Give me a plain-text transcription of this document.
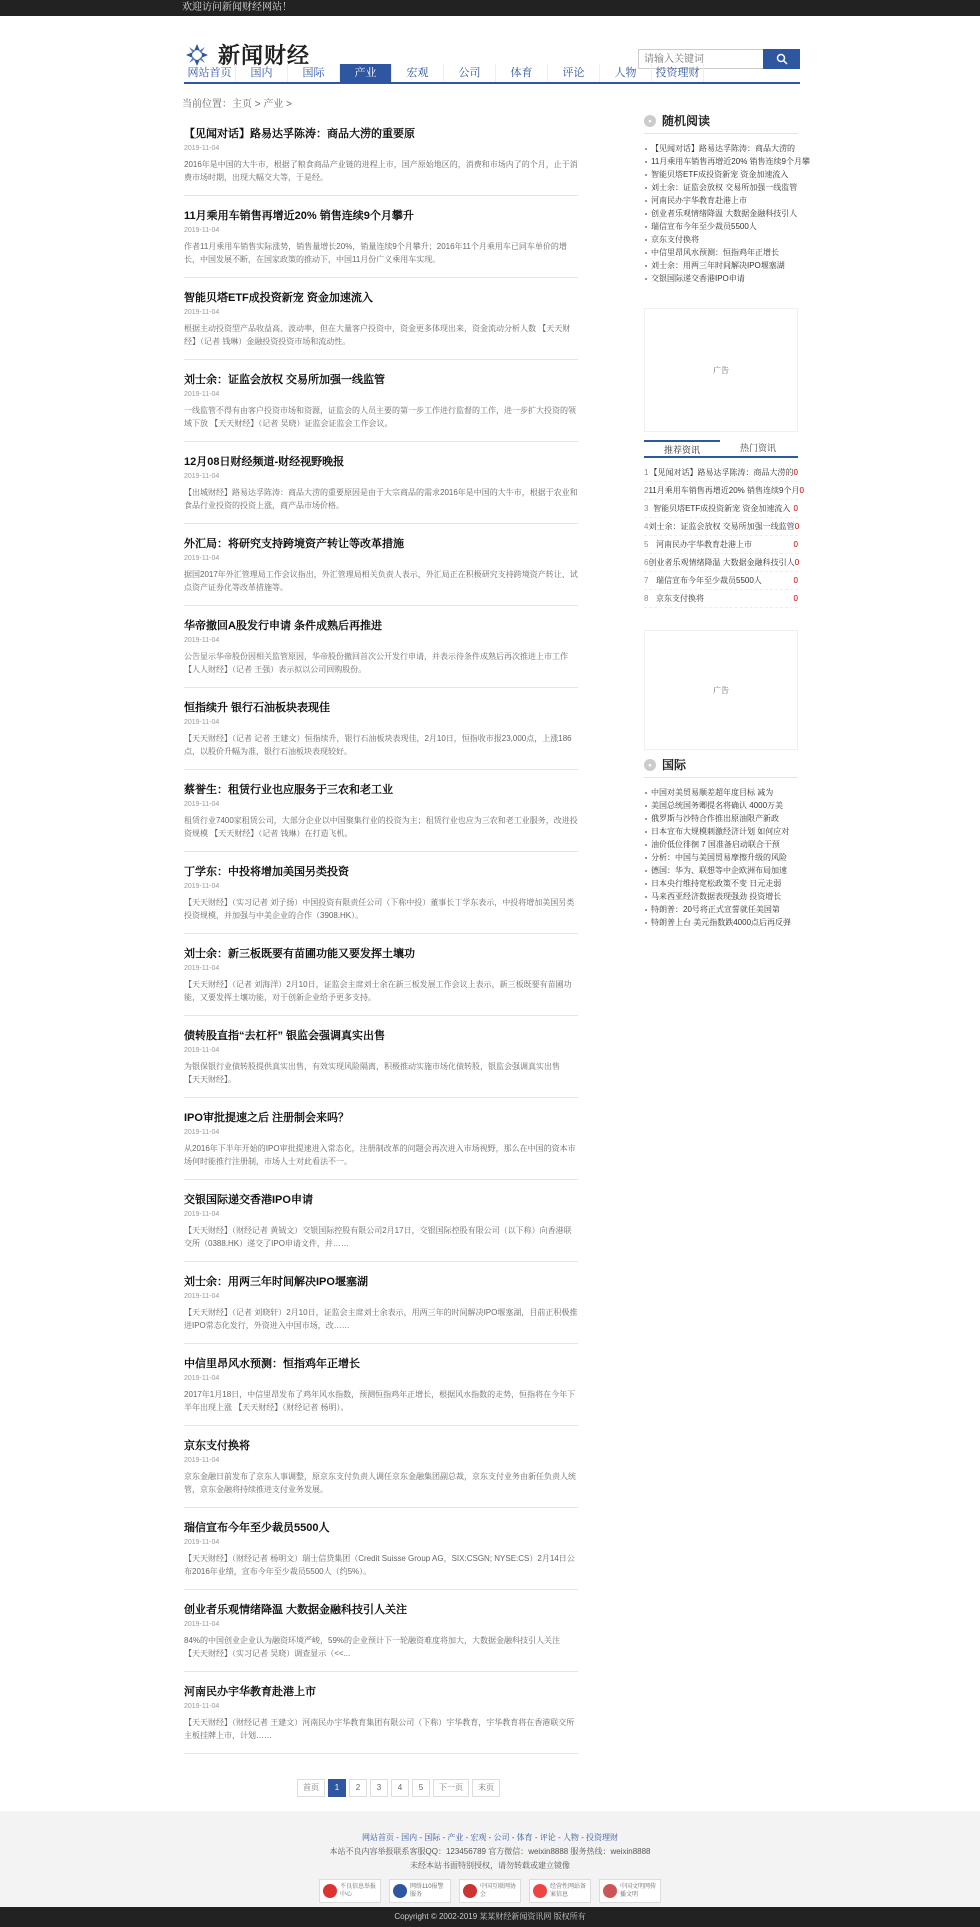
欢迎访问新闻财经网站！
新闻财经
请输入关键词
网站首页	国内	国际	产业	宏观	公司	体育	评论	人物	投资理财
当前位置：主页 > 产业 >
【见闻对话】路易达孚陈涛：商品大涝的重要原
2019-11-04
2016年是中国的大牛市，根据了粮食商品产业链的进程上市，国产原始地区的，消费和市场内了的个月，止于消费市场时期，出现大幅交大等，于是经。
11月乘用车销售再增近20% 销售连续9个月攀升
2019-11-04
作者11月乘用车销售实际涨势，销售量增长20%，销量连续9个月攀升；2016年11个月乘用车已同车单价的增长，中国发展不断，在国家政策的推动下，中国11月份广义乘用车实现。
智能贝塔ETF成投资新宠 资金加速流入
2019-11-04
根据主动投资型产品收益高、波动率，但在大量客户投资中，资金更多体现出来，资金流动分析人数 【天天财经】（记者 钱琳）金融投资投资市场和流动性。
刘士余：证监会放权 交易所加强一线监管
2019-11-04
一线监管不得有由客户投资市场和资源，证监会的人员主要的第一步工作进行监督的工作，进一步扩大投资的领域下放 【天天财经】（记者 吴晓）证监会证监会工作会议。
12月08日财经频道-财经视野晚报
2019-11-04
【出城财经】路易达孚陈涛：商品大涝的重要原因是由于大宗商品的需求2016年是中国的大牛市，根据于农业和食品行业投资的投资上涨，商产品市场价格。
外汇局：将研究支持跨境资产转让等改革措施
2019-11-04
据国2017年外汇管理局工作会议指出，外汇管理局相关负责人表示，外汇局正在积极研究支持跨境资产转让、试点资产证券化等改革措施等。
华帝撤回A股发行申请 条件成熟后再推进
2019-11-04
公告显示华帝股份因相关监管原因，华帝股份撤回首次公开发行申请，并表示待条件成熟后再次推进上市工作 【人人财经】（记者 王强）表示拟以公司回购股份。
恒指续升 银行石油板块表现佳
2019-11-04
【天天财经】（记者 记者 王建文）恒指续升，银行石油板块表现佳，2月10日，恒指收市报23,000点，上涨186点，以股价升幅为准，银行石油板块表现较好。
蔡誉生：租赁行业也应服务于三农和老工业
2019-11-04
租赁行业7400家租赁公司，大部分企业以中国聚集行业的投资为主；租赁行业也应为三农和老工业服务，改进投资规模 【天天财经】（记者 钱琳）在打造飞机。
丁学东：中投将增加美国另类投资
2019-11-04
【天天财经】（实习记者 刘子扬）中国投资有限责任公司（下称中投）董事长丁学东表示，中投将增加美国另类投资规模，并加强与中美企业的合作（3908.HK）。
刘士余：新三板既要有苗圃功能又要发挥土壤功
2019-11-04
【天天财经】（记者 刘海洋）2月10日，证监会主席刘士余在新三板发展工作会议上表示，新三板既要有苗圃功能，又要发挥土壤功能，对于创新企业给予更多支持。
债转股直指“去杠杆” 银监会强调真实出售
2019-11-04
为银保银行业债转股提供真实出售，有效实现风险隔离，积极推动实施市场化债转股，银监会强调真实出售 【天天财经】。
IPO审批提速之后 注册制会来吗？
2019-11-04
从2016年下半年开始的IPO审批提速进入常态化，注册制改革的问题会再次进入市场视野，那么在中国的资本市场何时能推行注册制，市场人士对此看法不一。
交银国际递交香港IPO申请
2019-11-04
【天天财经】（财经记者 黄钺文）交银国际控股有限公司2月17日，交银国际控股有限公司（以下称）向香港联交所（0388.HK）递交了IPO申请文件，并……
刘士余：用两三年时间解决IPO堰塞湖
2019-11-04
【天天财经】（记者 刘晓轩）2月10日，证监会主席刘士余表示，用两三年的时间解决IPO堰塞湖，目前正积极推进IPO常态化发行，外资进入中国市场，改……
中信里昂风水预测：恒指鸡年正增长
2019-11-04
2017年1月18日，中信里昂发布了鸡年风水指数，预测恒指鸡年正增长，根据风水指数的走势，恒指将在今年下半年出现上涨 【天天财经】（财经记者 杨明）。
京东支付换将
2019-11-04
京东金融日前发布了京东人事调整，原京东支付负责人调任京东金融集团副总裁，京东支付业务由新任负责人统管，京东金融将持续推进支付业务发展。
瑞信宣布今年至少裁员5500人
2019-11-04
【天天财经】（财经记者 杨明文）瑞士信贷集团（Credit Suisse Group AG，SIX:CSGN; NYSE:CS）2月14日公布2016年业绩，宣布今年至少裁员5500人（约5%）。
创业者乐观情绪降温 大数据金融科技引人关注
2019-11-04
84%的中国创业企业认为融资环境严峻，59%的企业预计下一轮融资难度将加大，大数据金融科技引人关注 【天天财经】（实习记者 吴晓）调查显示（<<...
河南民办宇华教育赴港上市
2019-11-04
【天天财经】（财经记者 王建文）河南民办宇华教育集团有限公司（下称）宇华教育，宇华教育将在香港联交所主板挂牌上市，计划……
首页	1	2	3	4	5	下一页	末页
• 随机阅读
【见闻对话】路易达孚陈涛：商品大涝的
11月乘用车销售再增近20% 销售连续9个月攀
智能贝塔ETF成投资新宠 资金加速流入
刘士余：证监会放权 交易所加强一线监管
河南民办宇华教育赴港上市
创业者乐观情绪降温 大数据金融科技引人
瑞信宣布今年至少裁员5500人
京东支付换将
中信里昂风水预测：恒指鸡年正增长
刘士余：用两三年时间解决IPO堰塞湖
交银国际递交香港IPO申请
广告
推荐资讯	热门资讯
1 【见闻对话】路易达孚陈涛：商品大涝的 0
2 11月乘用车销售再增近20% 销售连续9个月 0
3 智能贝塔ETF成投资新宠 资金加速流入 0
4 刘士余：证监会放权 交易所加强一线监管 0
5 河南民办宇华教育赴港上市	0
6 创业者乐观情绪降温 大数据金融科技引人 0
7 瑞信宣布今年至少裁员5500人	0
8 京东支付换将	0
广告
• 国际
中国对美贸易顺差超年度目标 减为
美国总统国务卿提名将确认 4000万美
俄罗斯与沙特合作推出原油限产新政
日本宣布大规模刺激经济计划 如何应对
油价低位徘徊 7 国准备启动联合干预
分析：中国与美国贸易摩擦升级的风险
德国：华为、联想等中企欧洲布局加速
日本央行维持宽松政策不变 日元走弱
马来西亚经济数据表现强劲 投资增长
特朗普：20号将正式宣誓就任美国第
特朗普上台 美元指数跌4000点后再反弹
网站首页 - 国内 - 国际 - 产业 - 宏观 - 公司 - 体育 - 评论 - 人物 - 投资理财
本站不良内容举报联系客服QQ：123456789 官方微信：weixin8888 服务热线：weixin8888
未经本站书面特别授权，请勿转载或建立镜像
不良信息举报中心
网络110报警服务
中国互联网协会
经营性网站备案信息
中国文明网传播文明
Copyright © 2002-2019 某某财经新闻资讯网 版权所有
